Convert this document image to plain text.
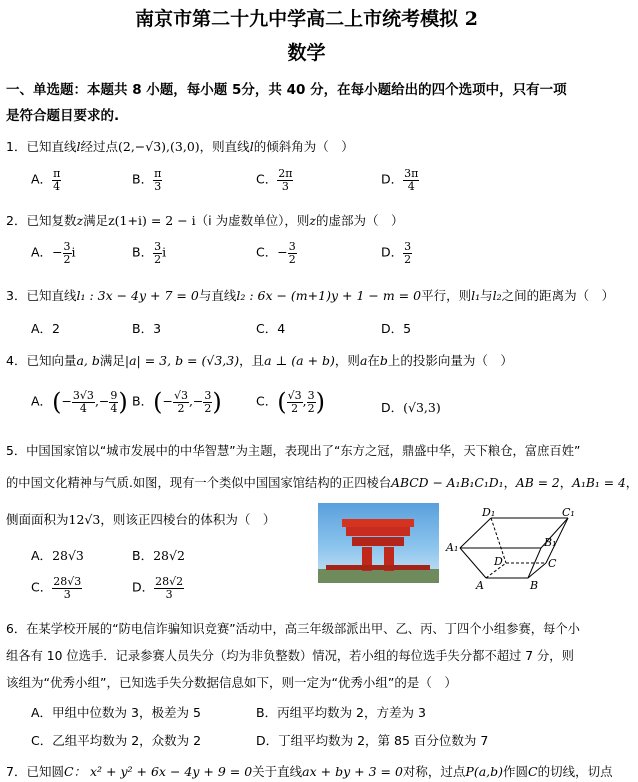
南京市第二十九中学高二上市统考模拟 2
数学
一、单选题：本题共 8 小题，每小题 5分，共 40 分，在每小题给出的四个选项中，只有一项
是符合题目要求的.
1．已知直线l经过点(2,−√3),(3,0)，则直线l的倾斜角为（　）
A． $\frac{\pi}{4}$	B． $\frac{\pi}{3}$	C． $\frac{2\pi}{3}$	D． $\frac{3\pi}{4}$
2．已知复数z满足z(1+i) = 2 − i（i 为虚数单位），则z的虚部为（　）
A．− $\frac{3}{2}$ i	B． $\frac{3}{2}$ i	C．− $\frac{3}{2}$	D． $\frac{3}{2}$
3．已知直线l₁ : 3x − 4y + 7 = 0与直线l₂ : 6x − (m+1)y + 1 − m = 0平行，则l₁与l₂之间的距离为（　）
A．2	B．3	C．4	D．5
4．已知向量a, b满足|a| = 3, b = (√3,3)，且a ⊥ (a + b)，则a在b上的投影向量为（　）
A．(− $\frac{3√3}{4}$ ,− $\frac{9}{4}$ ) B．(− $\frac{√3}{2}$ ,− $\frac{3}{2}$ )	C．( $\frac{√3}{2}$ , $\frac{3}{2}$ )	D．(√3,3)
5．中国国家馆以“城市发展中的中华智慧”为主题，表现出了“东方之冠，鼎盛中华，天下粮仓，富庶百姓”
的中国文化精神与气质.如图，现有一个类似中国国家馆结构的正四棱台ABCD − A₁B₁C₁D₁，AB = 2，A₁B₁ = 4，
侧面面积为12√3，则该正四棱台的体积为（　）
A．28√3	B．28√2
C． $\frac{28√3}{3}$	D． $\frac{28√2}{3}$
D₁	C₁
A₁	B₁
D	C
A	B
6．在某学校开展的“防电信诈骗知识竞赛”活动中，高三年级部派出甲、乙、丙、丁四个小组参赛，每个小
组各有 10 位选手．记录参赛人员失分（均为非负整数）情况，若小组的每位选手失分都不超过 7 分，则
该组为“优秀小组”，已知选手失分数据信息如下，则一定为“优秀小组”的是（　）
A．甲组中位数为 3，极差为 5	B．丙组平均数为 2，方差为 3
C．乙组平均数为 2，众数为 2	D．丁组平均数为 2，第 85 百分位数为 7
7．已知圆C： x² + y² + 6x − 4y + 9 = 0关于直线ax + by + 3 = 0对称，过点P(a,b)作圆C的切线，切点
